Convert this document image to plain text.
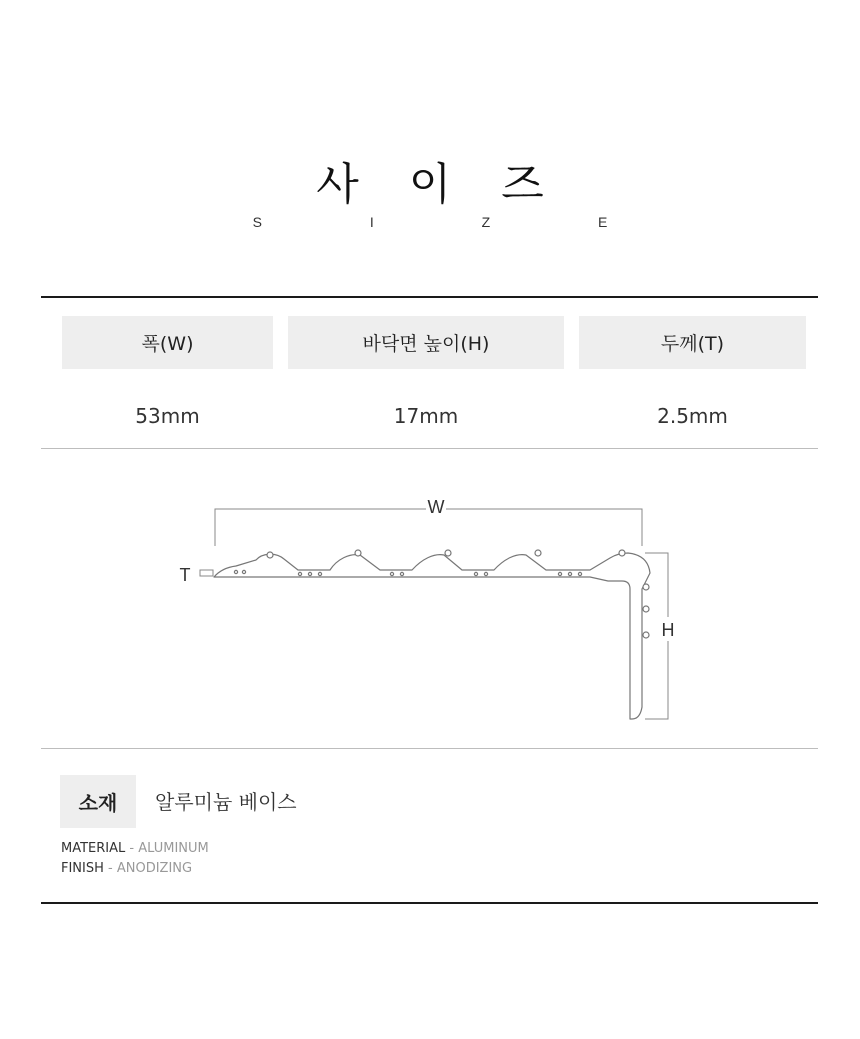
사 이 즈
S I Z E
폭(W)	바닥면 높이(H)	두께(T)
53mm	17mm	2.5mm
W
T
H
소재	알루미늄 베이스
MATERIAL - ALUMINUM
FINISH - ANODIZING
